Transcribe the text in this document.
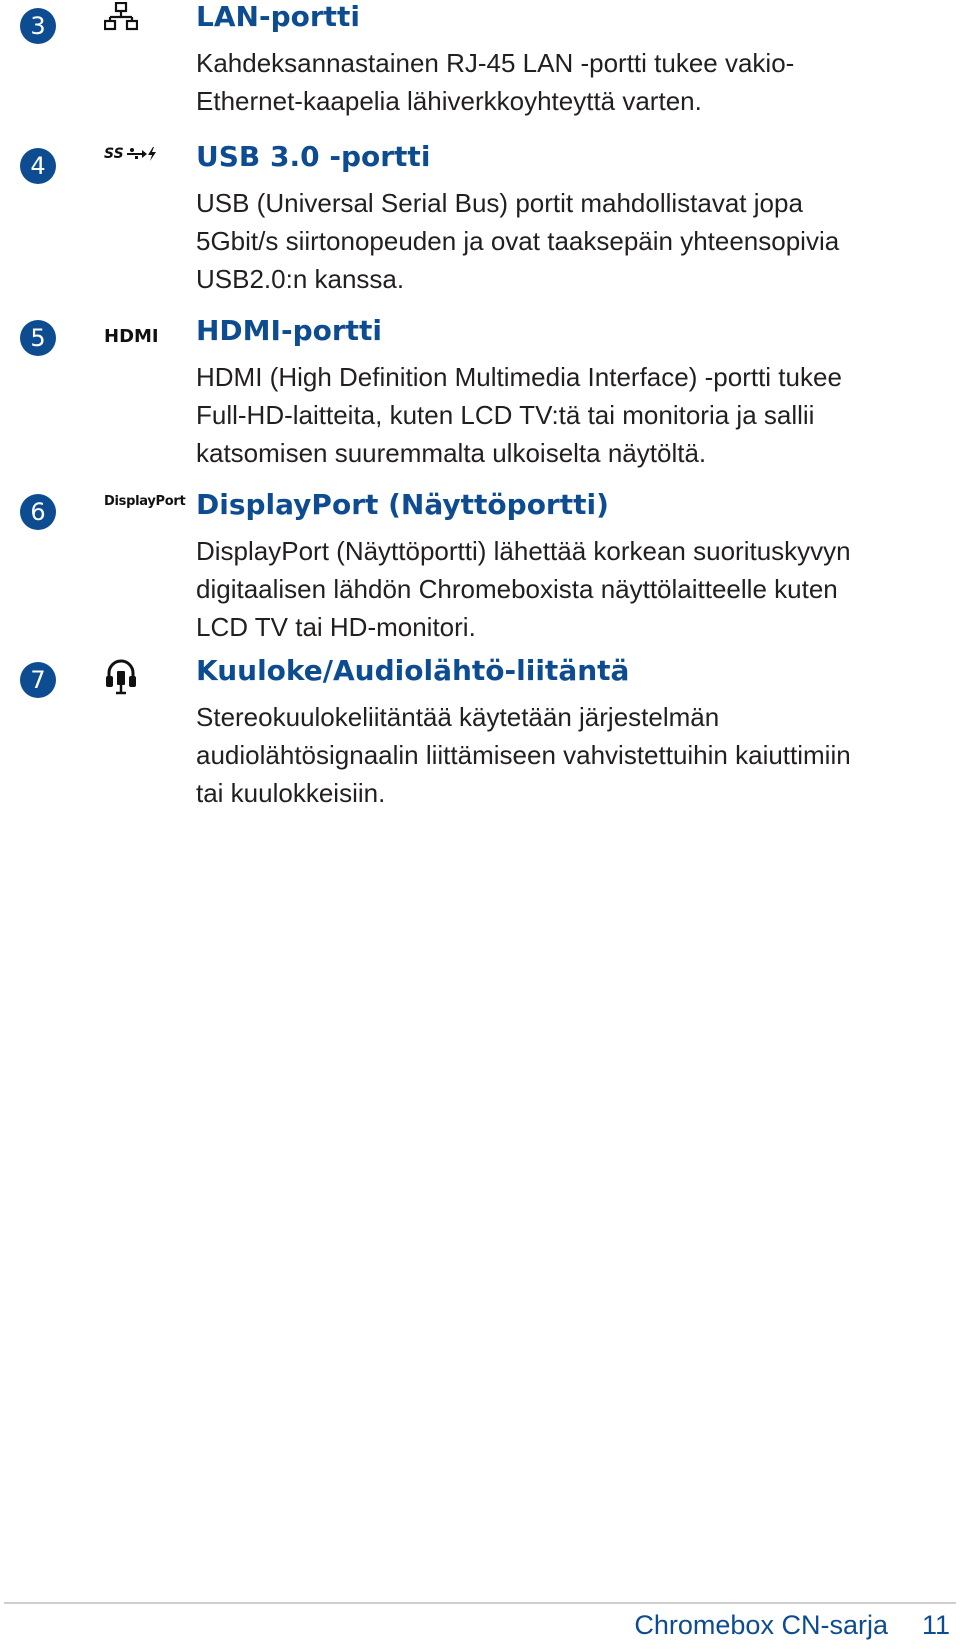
3	LAN-portti
Kahdeksannastainen RJ-45 LAN -portti tukee vakio-
Ethernet-kaapelia lähiverkkoyhteyttä varten.
4	SS	USB 3.0 -portti
USB (Universal Serial Bus) portit mahdollistavat jopa
5Gbit/s siirtonopeuden ja ovat taaksepäin yhteensopivia
USB2.0:n kanssa.
5	HDMI HDMI-portti
HDMI (High Definition Multimedia Interface) -portti tukee
Full-HD-laitteita, kuten LCD TV:tä tai monitoria ja sallii
katsomisen suuremmalta ulkoiselta näytöltä.
6	DisplayPort DisplayPort (Näyttöportti)
DisplayPort (Näyttöportti) lähettää korkean suorituskyvyn
digitaalisen lähdön Chromeboxista näyttölaitteelle kuten
LCD TV tai HD-monitori.
7	Kuuloke/Audiolähtö-liitäntä
Stereokuulokeliitäntää käytetään järjestelmän
audiolähtösignaalin liittämiseen vahvistettuihin kaiuttimiin
tai kuulokkeisiin.
Chromebox CN-sarja 11
